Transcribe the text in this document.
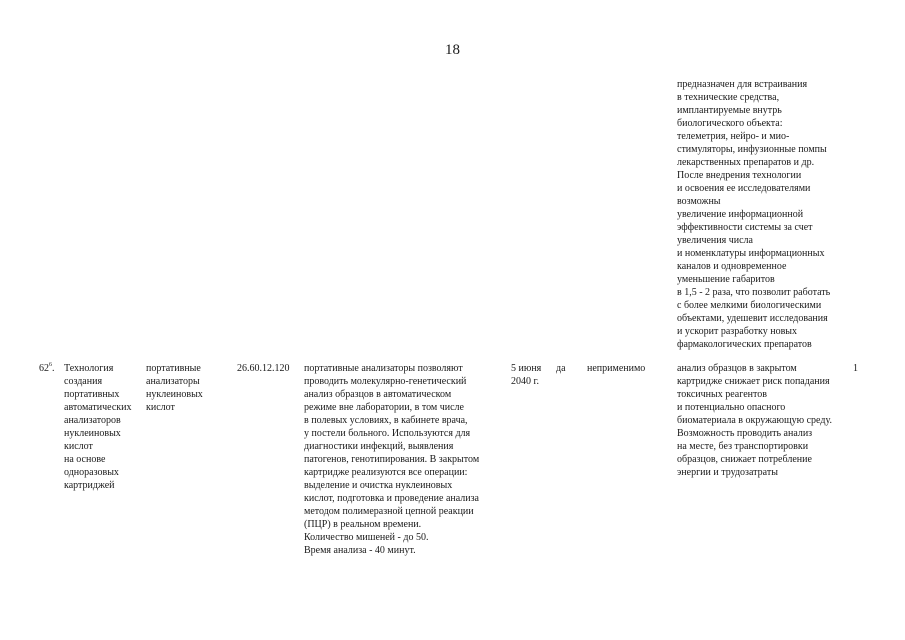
18
предназначен для встраивания
в технические средства,
имплантируемые внутрь
биологического объекта:
телеметрия, нейро- и мио-
стимуляторы, инфузионные помпы
лекарственных препаратов и др.
После внедрения технологии
и освоения ее исследователями
возможны
увеличение информационной
эффективности системы за счет
увеличения числа
и номенклатуры информационных
каналов и одновременное
уменьшение габаритов
в 1,5 - 2 раза, что позволит работать
с более мелкими биологическими
объектами, удешевит исследования
и ускорит разработку новых
фармакологических препаратов
$62^6$. Технология
создания
портативных
автоматических
анализаторов
нуклеиновых
кислот
на основе
одноразовых
картриджей
портативные
анализаторы
нуклеиновых
кислот
26.60.12.120 портативные анализаторы позволяют
проводить молекулярно-генетический
анализ образцов в автоматическом
режиме вне лаборатории, в том числе
в полевых условиях, в кабинете врача,
у постели больного. Используются для
диагностики инфекций, выявления
патогенов, генотипирования. В закрытом
картридже реализуются все операции:
выделение и очистка нуклеиновых
кислот, подготовка и проведение анализа
методом полимеразной цепной реакции
(ПЦР) в реальном времени.
Количество мишеней - до 50.
Время анализа - 40 минут.
5 июня
2040 г.
да неприменимо	анализ образцов в закрытом
картридже снижает риск попадания
токсичных реагентов
и потенциально опасного
биоматериала в окружающую среду.
Возможность проводить анализ
на месте, без транспортировки
образцов, снижает потребление
энергии и трудозатраты
1
